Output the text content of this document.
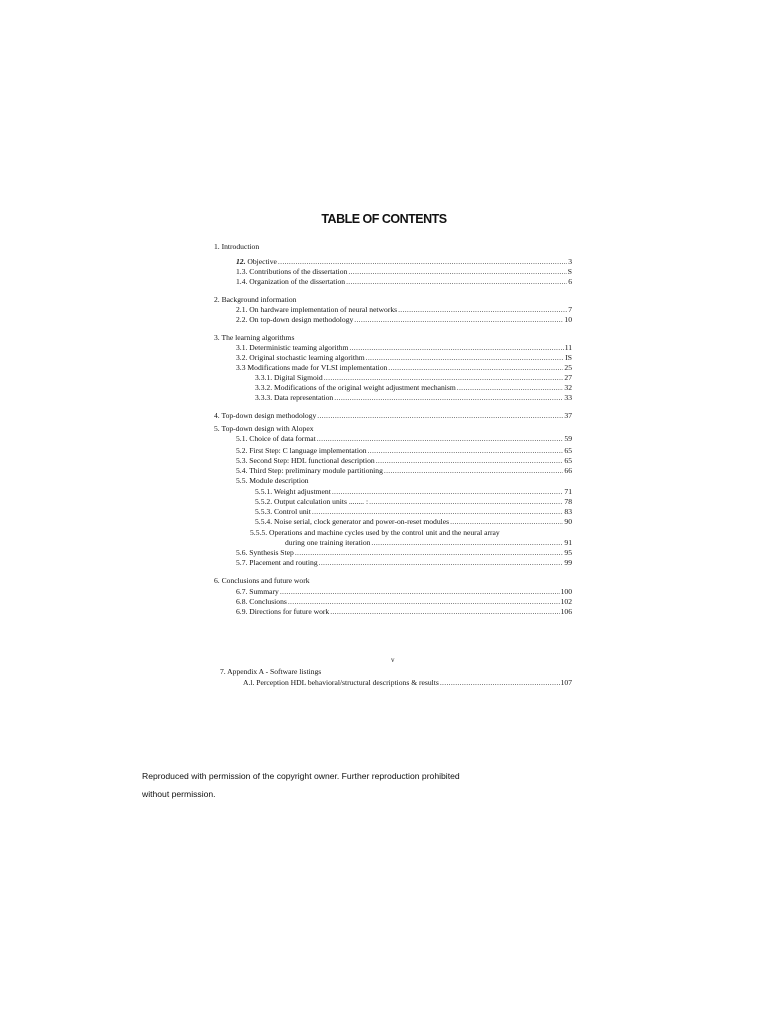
TABLE OF CONTENTS
1. Introduction
12. Objective .....	3
1.3. Contributions of the dissertation .....	S
1.4. Organization of the dissertation .....	6
2. Background information
2.1. On hardware implementation of neural networks .....	7
2.2. On top-down design methodology .....	10
3. The learning algorithms
3.1. Deterministic teaming algorithm .....	11
3.2. Original stochastic learning algorithm .....	IS
3.3 Modifications made for VLSI implementation .....	25
3.3.1. Digital Sigmoid .....	27
3.3.2. Modifications of the original weight adjustment mechanism .....	32
3.3.3. Data representation .....	33
4. Top-down design methodology .....	37
5. Top-down design with Alopex
5.1. Choice of data format .....	59
5.2. First Step: C language implementation .....	65
5.3. Second Step: HDL functional description .....	65
5.4. Third Step: preliminary module partitioning .....	66
5.5. Module description
5.5.1. Weight adjustment .....	71
5.5.2. Output calculation units ........ : .....	78
5.5.3. Control unit .....	83
5.5.4. Noise serial, clock generator and power-on-reset modules .....	90
5.5.5. Operations and machine cycles used by the control unit and the neural array
during one training iteration .....	91
5.6. Synthesis Step .....	95
5.7. Placement and routing .....	99
6. Conclusions and future work
6.7. Summary .....	100
6.8. Conclusions .....	102
6.9. Directions for future work .....	106
v
7. Appendix A - Software listings
A.l. Perception HDL behavioral/structural descriptions & results .....	107
Reproduced with permission of the copyright owner. Further reproduction prohibited
without permission.
